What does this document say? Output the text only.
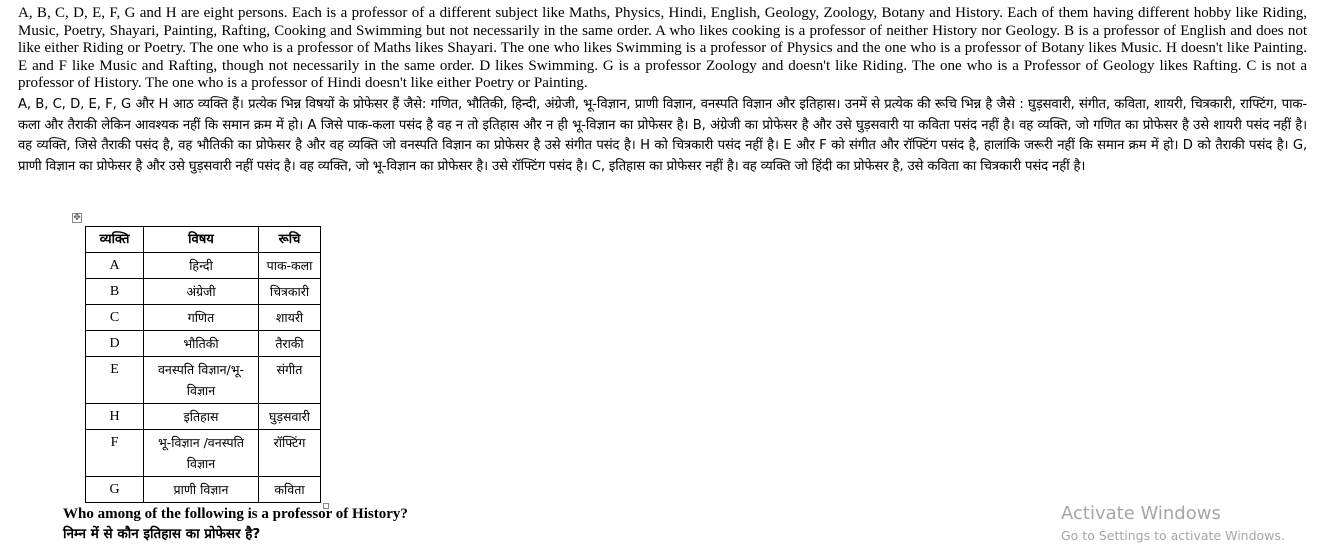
A, B, C, D, E, F, G and H are eight persons. Each is a professor of a different subject like Maths, Physics, Hindi, English, Geology, Zoology, Botany and History. Each of them having different hobby like Riding, Music, Poetry, Shayari, Painting, Rafting, Cooking and Swimming but not necessarily in the same order. A who likes cooking is a professor of neither History nor Geology. B is a professor of English and does not like either Riding or Poetry. The one who is a professor of Maths likes Shayari. The one who likes Swimming is a professor of Physics and the one who is a professor of Botany likes Music. H doesn't like Painting. E and F like Music and Rafting, though not necessarily in the same order. D likes Swimming. G is a professor Zoology and doesn't like Riding. The one who is a Professor of Geology likes Rafting. C is not a professor of History. The one who is a professor of Hindi doesn't like either Poetry or Painting.

A, B, C, D, E, F, G और H आठ व्यक्ति हैं। प्रत्येक भिन्न विषयों के प्रोफेसर हैं जैसे: गणित, भौतिकी, हिन्दी, अंग्रेजी, भू-विज्ञान, प्राणी विज्ञान, वनस्पति विज्ञान और इतिहास। उनमें से प्रत्येक की रूचि भिन्न है जैसे : घुड़सवारी, संगीत, कविता, शायरी, चित्रकारी, राफ्टिंग, पाक-कला और तैराकी लेकिन आवश्यक नहीं कि समान क्रम में हो। A जिसे पाक-कला पसंद है वह न तो इतिहास और न ही भू-विज्ञान का प्रोफेसर है। B, अंग्रेजी का प्रोफेसर है और उसे घुड़सवारी या कविता पसंद नहीं है। वह व्यक्ति, जो गणित का प्रोफेसर है उसे शायरी पसंद नहीं है। वह व्यक्ति, जिसे तैराकी पसंद है, वह भौतिकी का प्रोफेसर है और वह व्यक्ति जो वनस्पति विज्ञान का प्रोफेसर है उसे संगीत पसंद है। H को चित्रकारी पसंद नहीं है। E और F को संगीत और रॉफ्टिंग पसंद है, हालांकि जरूरी नहीं कि समान क्रम में हो। D को तैराकी पसंद है। G, प्राणी विज्ञान का प्रोफेसर है और उसे घुड़सवारी नहीं पसंद है। वह व्यक्ति, जो भू-विज्ञान का प्रोफेसर है। उसे रॉफ्टिंग पसंद है। C, इतिहास का प्रोफेसर नहीं है। वह व्यक्ति जो हिंदी का प्रोफेसर है, उसे कविता का चित्रकारी पसंद नहीं है।

✥
व्यक्ति	विषय	रूचि
A	हिन्दी	पाक-कला
B	अंग्रेजी	चित्रकारी
C	गणित	शायरी
D	भौतिकी	तैराकी
E	वनस्पति विज्ञान/भू-विज्ञान	संगीत
H	इतिहास	घुड़सवारी
F	भू-विज्ञान /वनस्पति विज्ञान	रॉफ्टिंग
G	प्राणी विज्ञान	कविता

Who among of the following is a professor of History?

निम्न में से कौन इतिहास का प्रोफेसर है?

Activate Windows

Go to Settings to activate Windows.
